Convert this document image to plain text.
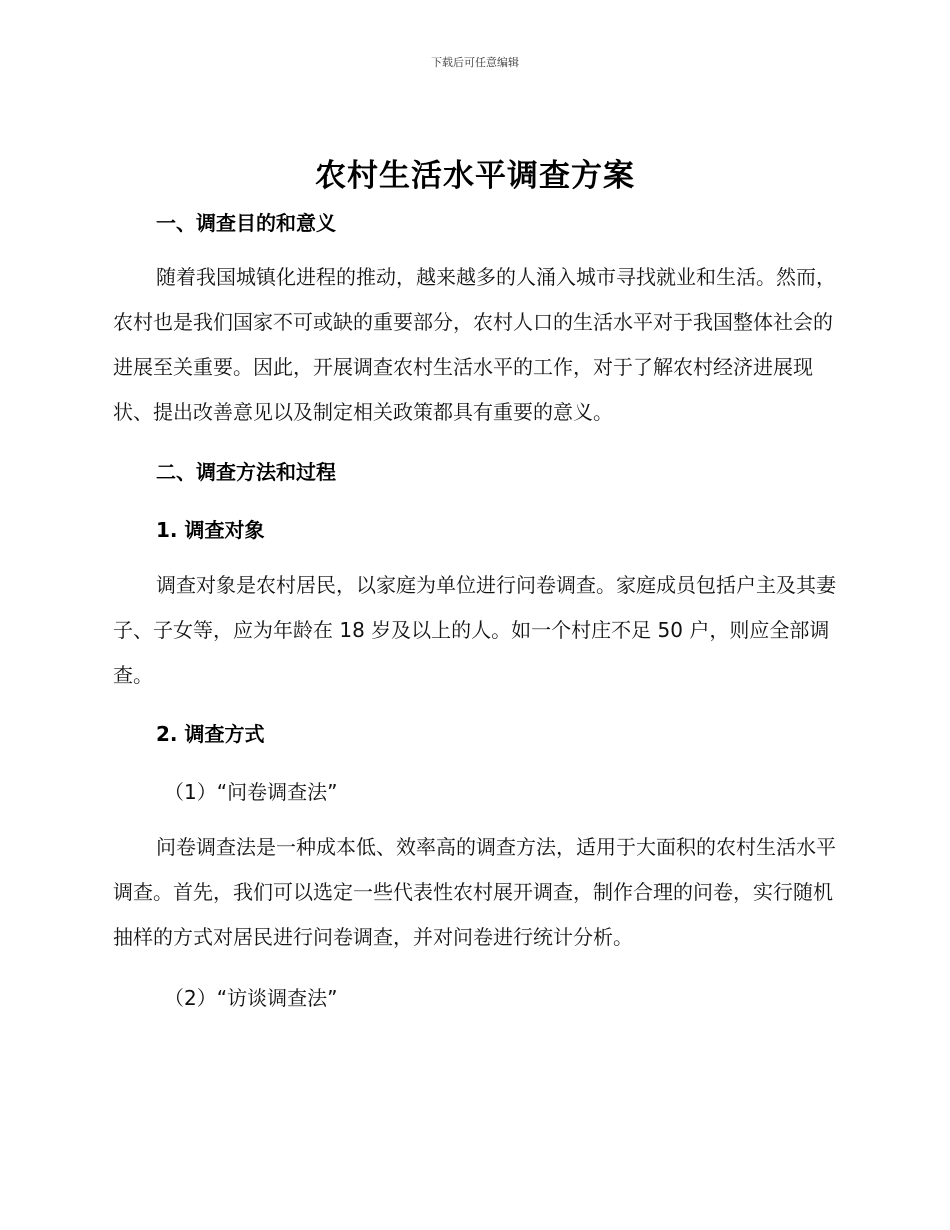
下载后可任意编辑
农村生活水平调查方案
一、调查目的和意义

随着我国城镇化进程的推动，越来越多的人涌入城市寻找就业和生活。然而，农村也是我们国家不可或缺的重要部分，农村人口的生活水平对于我国整体社会的进展至关重要。因此，开展调查农村生活水平的工作，对于了解农村经济进展现状、提出改善意见以及制定相关政策都具有重要的意义。

二、调查方法和过程
1. 调查对象

调查对象是农村居民，以家庭为单位进行问卷调查。家庭成员包括户主及其妻子、子女等，应为年龄在 18 岁及以上的人。如一个村庄不足 50 户，则应全部调查。

2. 调查方式
（1）“问卷调查法”

问卷调查法是一种成本低、效率高的调查方法，适用于大面积的农村生活水平调查。首先，我们可以选定一些代表性农村展开调查，制作合理的问卷，实行随机抽样的方式对居民进行问卷调查，并对问卷进行统计分析。

（2）“访谈调查法”
